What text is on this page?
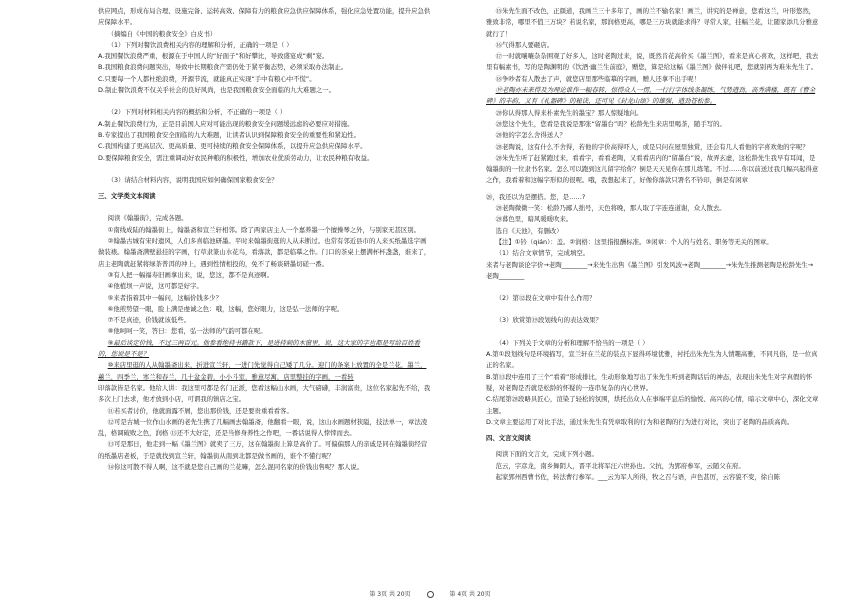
供应网点，形成布局合理、设施完备、运转高效、保障有力的粮食应急供应保障体系，强化应急处置功能，提升应急供应保障水平。

（摘编自《中国的粮食安全》白皮书）

（1）下列对餐饮浪费相关内容的理解和分析，正确的一项是（ ）

A.我国餐饮浪费严重，根源在于中国人的“好面子”和好攀比，导致盛宴成“剩”宴。

B.我国粮食浪费问题突出，导致中长期粮食产需仍处于紧平衡态势，必须采取办法制止。

C.只要每一个人都杜绝浪费，开源节流，就能真正实现“手中有粮心中不慌”。

D.制止餐饮浪费不仅关乎社会的良好风尚，也是我国粮食安全面临的九大难题之一。

（2）下列对材料相关内容的概括和分析，不正确的一项是（ ）

A.制止餐饮浪费行为，正是目前国人应对可能出现的粮食安全问题缓远虑的必要应对措施。

B.专家提出了我国粮食安全面临的九大难题，让读者认识到保障粮食安全的重要性和紧迫性。

C.我国构建了更高层次、更高质量、更可持续的粮食安全保障体系，以提升应急供应保障水平。

D.要保障粮食安全，需注重调动好农民种粮的积极性，增加农业优质劳动力，让农民种粮有收益。

（3）请结合材料内容，说明我国应如何确保国家粮食安全？

三、文学类文本阅读

阅读《翰墨街》，完成各题。

①南线成陆的翰墨街上，翰墨斋和宣兰轩相邻。除了两家店主人一个嘉养墨一个擅操琴之外，与别家无甚区别。

②翰墨古城有宋时遗风，人们多喜临池研墨。平时来翰墨街逛的人从未断过。也常有邻近县市的人来买纸墨选字画做装裱。翰墨斋满壁悬挂的字画，行草隶篆山水花鸟，看落款，都是临摹之作。门口的茶桌上摆满杯杯盏盏，谁来了，店主老陶就赶紧将绿茶普洱的冲上，遇到性情相投的，免不了畅谈研墨切磋一番。

③有人把一幅福寿旧画拿出来，说，您这，都不是真迹啊。

④他植坝一声说，这可都是好字。

⑤来者指着其中一幅问，这幅价钱多少？

⑥他煎势望一眼，脸上满是虔诚之色：哦，这幅，您好眼力，这是弘一法师的字呢。

⑦不是真迹，价钱就该低些。

⑧他呵呵一笑，答曰：您看，弘一法师的气韵可都在呢。

⑨最后谈定价钱，不过三两百元。他参看绝持书籍款下，是进持刺的木窗里，说，这大家的字也都是写给百姓看的，您说是不是？

⑩来店里逛的人从翰墨斋出来，折进宣兰轩，一进门先觉得自己矮了几分。迎门的条案上放置的全是兰花，墨兰，蕙兰，四季兰，寒兰和春兰，几十盆金碧，小小斗室，雅意尽寓，店里整挂的字画，一看转

印落款皆是名家。他给人讲：我这里可都是名门正派，您看这幅山水画，大气磅礴，丰润富贵，这位名家起先不给，我多次上门去求，他才放到小店，可谓我的镇店之宝。

⑪若买者讨价，他就面露不屑，您出那价钱，还是要贵重看看客。

⑫可是古城一位作山水画的老先生携了几幅画去翰墨斋，他翻看一眼，说，这山水画题材狭隘，技法单一，章法凌乱，格调破败之色，润格 ⑬还不大好定，还是当修身养性之作吧，一番话说得人悻悻而去。

⑬可是那日，他走到一幅《墨兰图》就卖了三万，这在翰墨街上算是高价了。可偏偏那人的亲戚是同在翰墨街经营的纸墨店老板，于是就找到宣兰轩，翰墨街从南到北都是做书画的，谁个不懂行呢？

⑭你这可散不得人啊，这不就是您自己画的兰花嘛，怎么混同名家的价钱出售呢？那人说。

⑮朱先生面不改色，正颜道，我画兰三十多年了，画的兰不输名家！画兰，讲究的是禅意，您看这兰，叶形悠然，雅致非常，哪里不值三万块？若说名家，那润格更高，哪是三万块就能求得？寻常人家，挂幅兰花，让随家添几分雅意就行了！

⑯气得那人要砸店。

⑰一时就嚷嚷杂杂围观了好多人，这时老陶过来，说，既然肯花高价买《墨兰图》，看来是真心喜欢，这样吧，我去里有幅素书，写的是陶渊明的《饮酒·幽兰生前庭》，赠您，算是给这幅《墨兰图》做伴礼吧，您就别再为难朱先生了。

⑱争吵者有人散去了声，就您店里那些临摹的字画，赠人还拿不出手呢！

⑲老陶亦未来得及为理论谁作一幅春转，惊得众人一愣，一行行字体线条凝练，气势遒劲，高秀满楼，既有《曹全碑》的丰韵，又有《礼器碑》的秘诀，还可见《封龙山颂》的雄强，遒劲苍松参。

⑳你认得那人得来朴素先生的墨宝？那人惊疑地问。

⑳您这个先生，您看是我说是那张“留墨台”吗？松龄先生来店里喝茶，随手写的。

⑳他的字怎么舍得送人？

⑳老陶说，这有什么不舍得，若他的字价高得吓人，或是只问在屋里独赏，还会有几人看他的字喜欢他的字呢？

⑳朱先生听了赶紧跑过来，看看字，看看老陶，又看看店内的“留墨台”说，故弄玄虚，这松龄先生我早有耳闻，是翰墨街的一位隶书名家。怎么可以跑到这儿留字给你？倒是天天见你在那儿练笔。不过……你以前送过我几幅兴起得意之作，我看着和这幅字形似的很呢。哦，我想起来了，好像你落款只署名不钤印，倒是有闲章

⑳，我还以为是摆搭。您，是……?

⑳老陶微微一笑：松龄乃鄙人拙号，天色将晚，那人取了字连连道谢，众人散去。

⑳暮色里，暗风暖暖吹来。

选自《天池》，有删改）

【注】①钤（qián）：盖。②润格：这里指报酬标准。③闲章：个人的与姓名、职务等无关的图章。

（1）结合文章情节，完成填空。

来者与老陶谈论字价→老陶________→来先生出售《墨兰图》引发风波→老陶________→朱先生推测老陶是松龄先生→老陶________

（2）第⑫段在文章中有什么作用？

（3）欣赏第⑲段划线句的表达效果？

（4）下列关于文章的分析和理解不恰当的一项是（ ）

A.第①段划线句是环境描写，宣兰轩在兰花的装点下显得环境优雅，衬托出朱先生为人情趣高雅，不同凡俗，是一位真正的名家。

B.第⑬段中连用了三个“看着”形成排比，生动形象地写出了朱先生听到老陶话后的神态，表现出朱先生对字真假的怀疑，对老陶是否就是松龄的怀疑的一连串复杂的内心世界。

C.结尾第⑳段略具匠心，渲染了轻松的氛围，烘托出众人在事端平息后的愉悦、高兴的心情，暗示文章中心，深化文章主题。

D.文章主要运用了对比手法，通过朱先生有凭章取利的行为和老陶的行为进行对比，突出了老陶的品质高尚。

四、文言文阅读

阅读下面的文言文，完成下列小题。

范云，字彦龙，南乡舞阴人，晋平北将军汪六世孙也。父抗，为郢府参军，云随父在府。

起家郢州西曹书佐，转法曹行参军。___云为军人所得，牧之召与语，声色甚厉，云容貌不变，徐自陈

第 3页 共 20页	第 4页 共 20页
